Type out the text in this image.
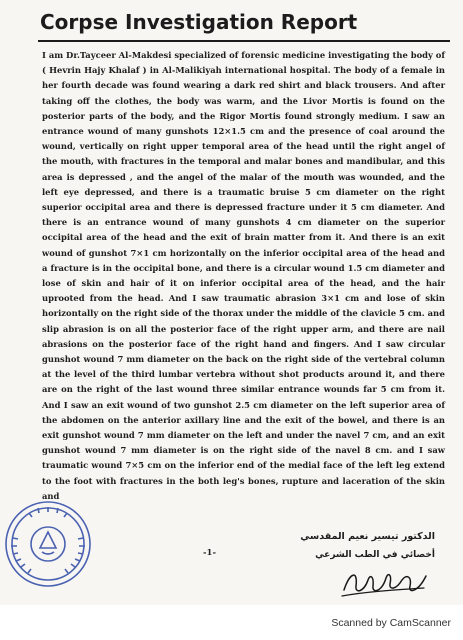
Corpse Investigation Report

I am Dr.Tayceer Al-Makdesi specialized of forensic medicine investigating the body of ( Hevrin Hajy Khalaf ) in Al-Malikiyah international hospital. The body of a female in her fourth decade was found wearing a dark red shirt and black trousers. And after taking off the clothes, the body was warm, and the Livor Mortis is found on the posterior parts of the body, and the Rigor Mortis found strongly medium. I saw an entrance wound of many gunshots 12×1.5 cm and the presence of coal around the wound, vertically on right upper temporal area of the head until the right angel of the mouth, with fractures in the temporal and malar bones and mandibular, and this area is depressed , and the angel of the malar of the mouth was wounded, and the left eye depressed, and there is a traumatic bruise 5 cm diameter on the right superior occipital area and there is depressed fracture under it 5 cm diameter. And there is an entrance wound of many gunshots 4 cm diameter on the superior occipital area of the head and the exit of brain matter from it. And there is an exit wound of gunshot 7×1 cm horizontally on the inferior occipital area of the head and a fracture is in the occipital bone, and there is a circular wound 1.5 cm diameter and lose of skin and hair of it on inferior occipital area of the head, and the hair uprooted from the head. And I saw traumatic abrasion 3×1 cm and lose of skin horizontally on the right side of the thorax under the middle of the clavicle 5 cm. and slip abrasion is on all the posterior face of the right upper arm, and there are nail abrasions on the posterior face of the right hand and fingers. And I saw circular gunshot wound 7 mm diameter on the back on the right side of the vertebral column at the level of the third lumbar vertebra without shot products around it, and there are on the right of the last wound three similar entrance wounds far 5 cm from it. And I saw an exit wound of two gunshot 2.5 cm diameter on the left superior area of the abdomen on the anterior axillary line and the exit of the bowel, and there is an exit gunshot wound 7 mm diameter on the left and under the navel 7 cm, and an exit gunshot wound 7 mm diameter is on the right side of the navel 8 cm. and I saw traumatic wound 7×5 cm on the inferior end of the medial face of the left leg extend to the foot with fractures in the both leg's bones, rupture and laceration of the skin and

الدكتور تيسير نعيم المقدسي
أخصائي في الطب الشرعي
-1-
Scanned by CamScanner
